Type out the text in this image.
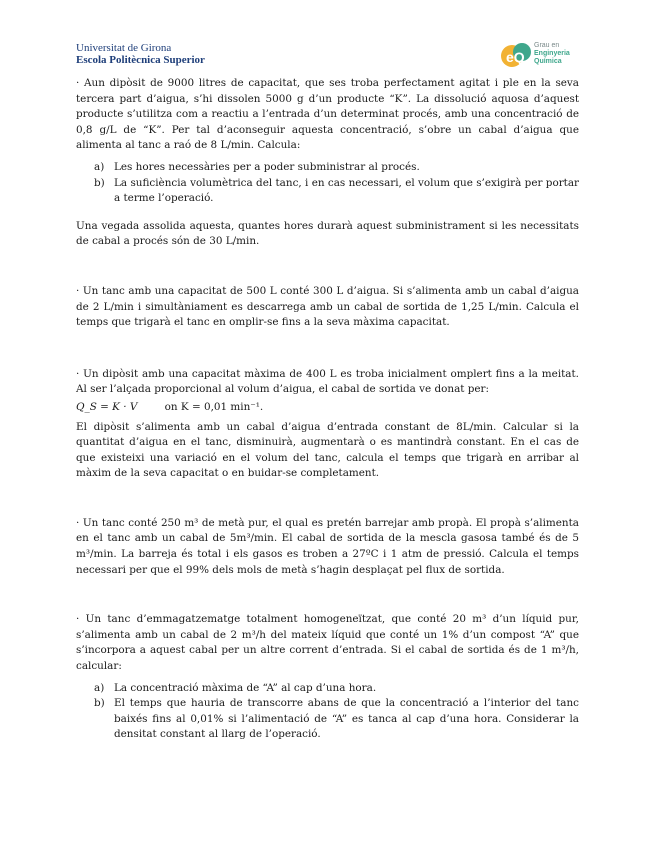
Universitat de Girona
Escola Politècnica Superior	eQ
Grau en
Enginyeria
Química

· Aun dipòsit de 9000 litres de capacitat, que ses troba perfectament agitat i ple en la seva tercera part d’aigua, s’hi dissolen 5000 g d’un producte “K”. La dissolució aquosa d’aquest producte s’utilitza com a reactiu a l’entrada d’un determinat procés, amb una concentració de 0,8 g/L de “K”. Per tal d’aconseguir aquesta concentració, s’obre un cabal d’aigua que alimenta al tanc a raó de 8 L/min. Calcula:

a) Les hores necessàries per a poder subministrar al procés.
b) La suficiència volumètrica del tanc, i en cas necessari, el volum que s’exigirà per portar a terme l’operació.

Una vegada assolida aquesta, quantes hores durarà aquest subministrament si les necessitats de cabal a procés són de 30 L/min.

· Un tanc amb una capacitat de 500 L conté 300 L d’aigua. Si s’alimenta amb un cabal d’aigua de 2 L/min i simultàniament es descarrega amb un cabal de sortida de 1,25 L/min. Calcula el temps que trigarà el tanc en omplir-se fins a la seva màxima capacitat.

· Un dipòsit amb una capacitat màxima de 400 L es troba inicialment omplert fins a la meitat. Al ser l’alçada proporcional al volum d’aigua, el cabal de sortida ve donat per:

Q_S = K · V	on K = 0,01 min⁻¹.

El dipòsit s’alimenta amb un cabal d’aigua d’entrada constant de 8L/min. Calcular si la quantitat d’aigua en el tanc, disminuirà, augmentarà o es mantindrà constant. En el cas de que existeixi una variació en el volum del tanc, calcula el temps que trigarà en arribar al màxim de la seva capacitat o en buidar-se completament.

· Un tanc conté 250 m³ de metà pur, el qual es pretén barrejar amb propà. El propà s’alimenta en el tanc amb un cabal de 5m³/min. El cabal de sortida de la mescla gasosa també és de 5 m³/min. La barreja és total i els gasos es troben a 27ºC i 1 atm de pressió. Calcula el temps necessari per que el 99% dels mols de metà s’hagin desplaçat pel flux de sortida.

· Un tanc d’emmagatzematge totalment homogeneïtzat, que conté 20 m³ d’un líquid pur, s’alimenta amb un cabal de 2 m³/h del mateix líquid que conté un 1% d’un compost “A” que s’incorpora a aquest cabal per un altre corrent d’entrada. Si el cabal de sortida és de 1 m³/h, calcular:

a) La concentració màxima de “A” al cap d’una hora.
b) El temps que hauria de transcorre abans de que la concentració a l’interior del tanc baixés fins al 0,01% si l’alimentació de “A” es tanca al cap d’una hora. Considerar la densitat constant al llarg de l’operació.
